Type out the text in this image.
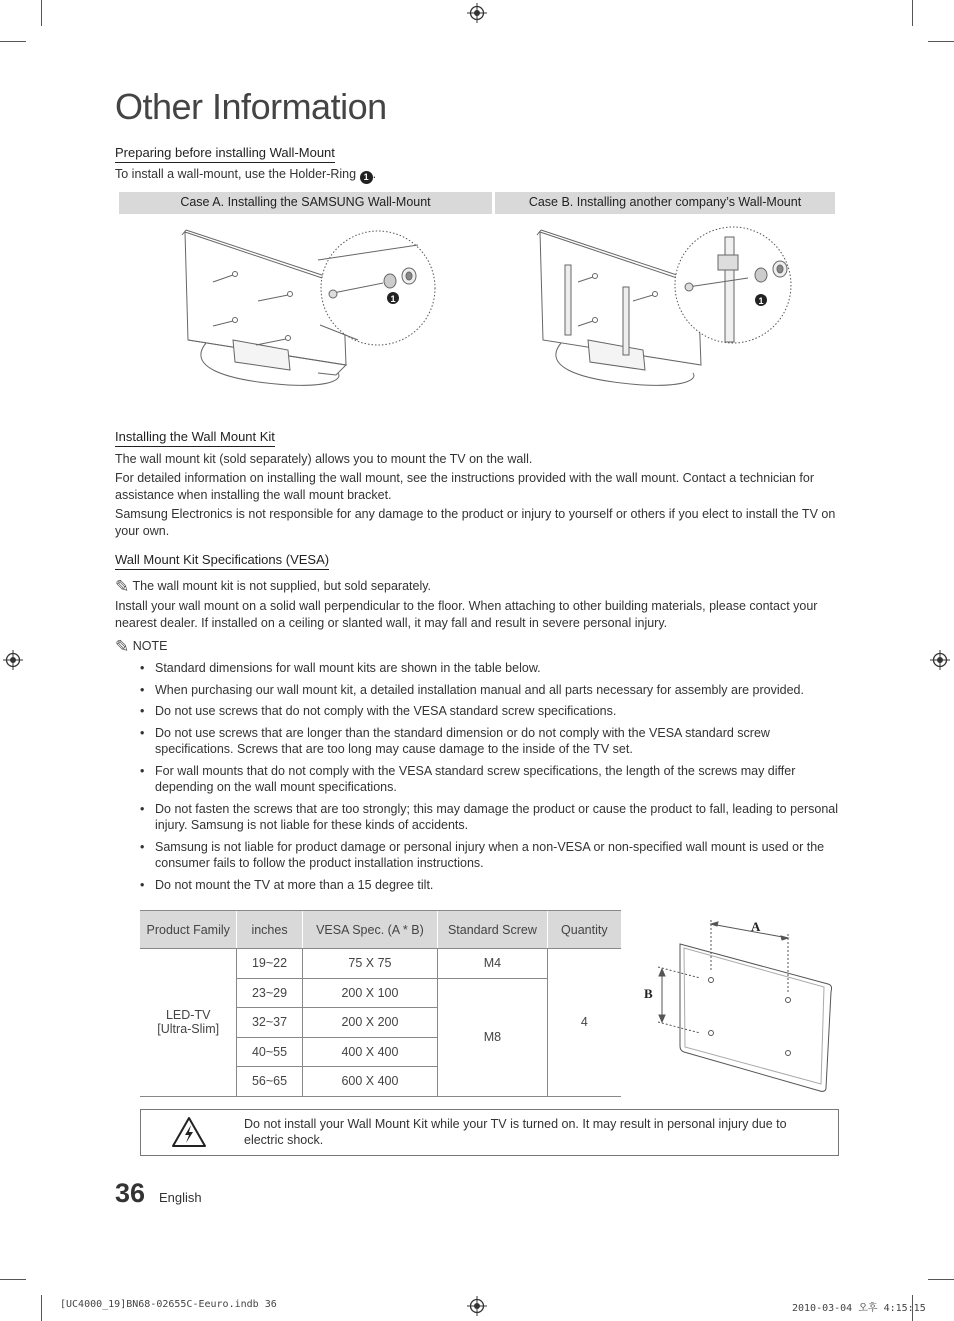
Other Information
Preparing before installing Wall-Mount
To install a wall-mount, use the Holder-Ring 1 .
Case A. Installing the SAMSUNG Wall-Mount	Case B. Installing another company’s Wall-Mount
1	1
Installing the Wall Mount Kit

The wall mount kit (sold separately) allows you to mount the TV on the wall.

For detailed information on installing the wall mount, see the instructions provided with the wall mount. Contact a technician for assistance when installing the wall mount bracket.

Samsung Electronics is not responsible for any damage to the product or injury to yourself or others if you elect to install the TV on your own.

Wall Mount Kit Specifications (VESA)
✎ The wall mount kit is not supplied, but sold separately.

Install your wall mount on a solid wall perpendicular to the floor. When attaching to other building materials, please contact your nearest dealer. If installed on a ceiling or slanted wall, it may fall and result in severe personal injury.

✎ NOTE
• Standard dimensions for wall mount kits are shown in the table below.
• When purchasing our wall mount kit, a detailed installation manual and all parts necessary for assembly are provided.
• Do not use screws that do not comply with the VESA standard screw specifications.
• Do not use screws that are longer than the standard dimension or do not comply with the VESA standard screw specifications. Screws that are too long may cause damage to the inside of the TV set.
• For wall mounts that do not comply with the VESA standard screw specifications, the length of the screws may differ depending on the wall mount specifications.
• Do not fasten the screws that are too strongly; this may damage the product or cause the product to fall, leading to personal injury. Samsung is not liable for these kinds of accidents.
• Samsung is not liable for product damage or personal injury when a non-VESA or non-specified wall mount is used or the consumer fails to follow the product installation instructions.
• Do not mount the TV at more than a 15 degree tilt.
Product Family	inches	VESA Spec. (A * B)	Standard Screw	Quantity
LED-TV
[Ultra-Slim]	19~22	75 X 75	M4	4
	23~29	200 X 100	M8	
	32~37	200 X 200		
	40~55	400 X 400		
	56~65	600 X 400		
A
B
Do not install your Wall Mount Kit while your TV is turned on. It may result in personal injury due to electric shock.
36 English
[UC4000_19]BN68-02655C-Eeuro.indb 36	2010-03-04 오후 4:15:15
